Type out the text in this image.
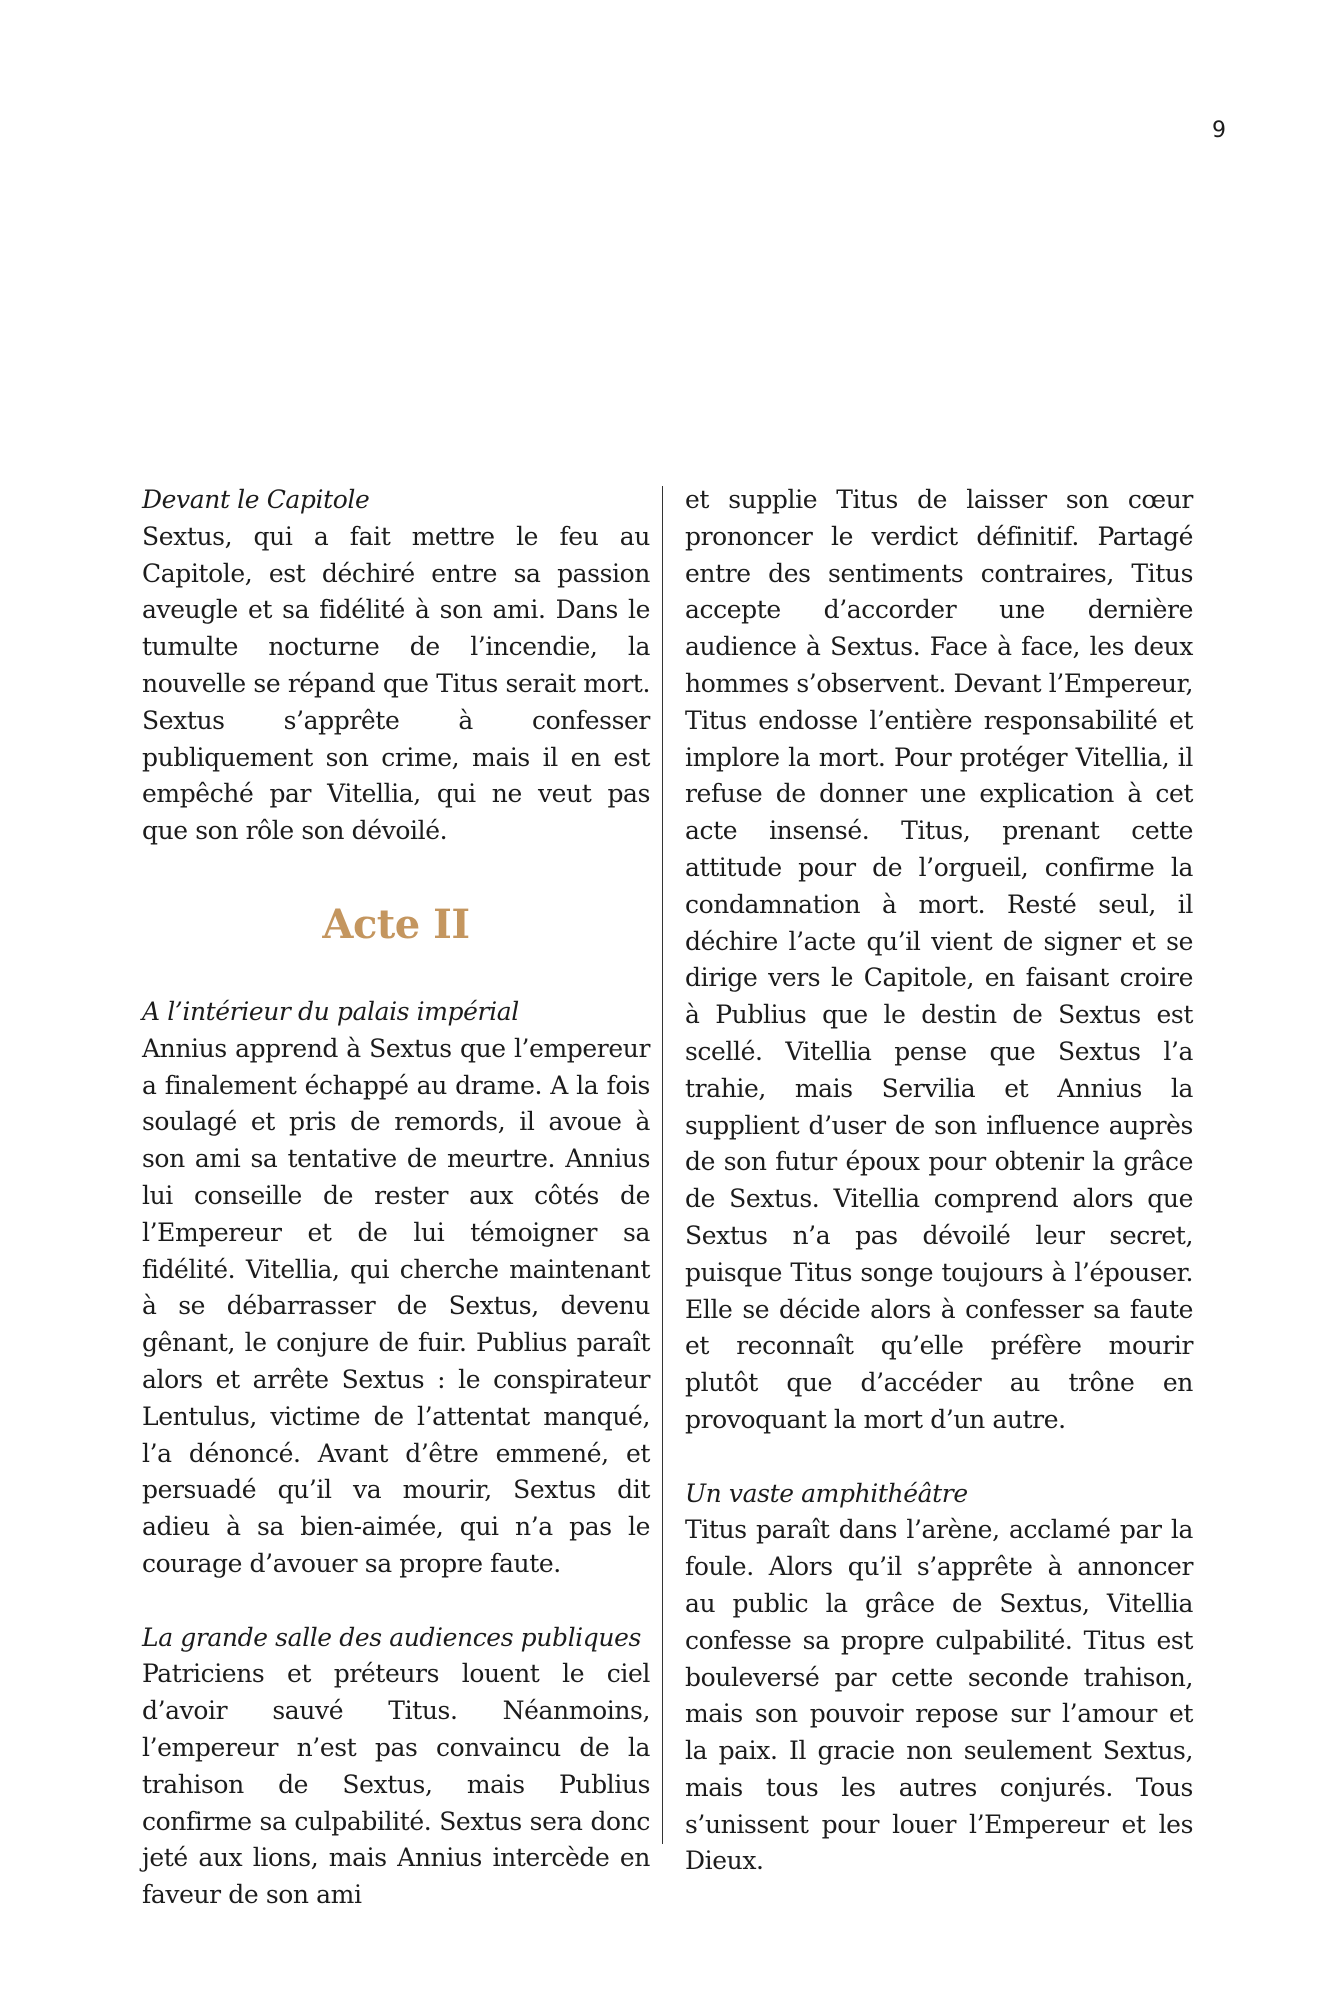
9
Devant le Capitole
Sextus, qui a fait mettre le feu au Capitole, est déchiré entre sa passion aveugle et sa fidélité à son ami. Dans le tumulte nocturne de l’incendie, la nouvelle se répand que Titus serait mort. Sextus s’apprête à confesser publiquement son crime, mais il en est empêché par Vitellia, qui ne veut pas que son rôle son dévoilé.
Acte II
A l’intérieur du palais impérial
Annius apprend à Sextus que l’empereur a finalement échappé au drame. A la fois soulagé et pris de remords, il avoue à son ami sa tentative de meurtre. Annius lui conseille de rester aux côtés de l’Empereur et de lui témoigner sa fidélité. Vitellia, qui cherche maintenant à se débarrasser de Sextus, devenu gênant, le conjure de fuir. Publius paraît alors et arrête Sextus : le conspirateur Lentulus, victime de l’attentat manqué, l’a dénoncé. Avant d’être emmené, et persuadé qu’il va mourir, Sextus dit adieu à sa bien-aimée, qui n’a pas le courage d’avouer sa propre faute.
La grande salle des audiences publiques
Patriciens et préteurs louent le ciel d’avoir sauvé Titus. Néanmoins, l’empereur n’est pas convaincu de la trahison de Sextus, mais Publius confirme sa culpabilité. Sextus sera donc jeté aux lions, mais Annius intercède en faveur de son ami
et supplie Titus de laisser son cœur prononcer le verdict définitif. Partagé entre des sentiments contraires, Titus accepte d’accorder une dernière audience à Sextus. Face à face, les deux hommes s’observent. Devant l’Empereur, Titus endosse l’entière responsabilité et implore la mort. Pour protéger Vitellia, il refuse de donner une explication à cet acte insensé. Titus, prenant cette attitude pour de l’orgueil, confirme la condamnation à mort. Resté seul, il déchire l’acte qu’il vient de signer et se dirige vers le Capitole, en faisant croire à Publius que le destin de Sextus est scellé. Vitellia pense que Sextus l’a trahie, mais Servilia et Annius la supplient d’user de son influence auprès de son futur époux pour obtenir la grâce de Sextus. Vitellia comprend alors que Sextus n’a pas dévoilé leur secret, puisque Titus songe toujours à l’épouser. Elle se décide alors à confesser sa faute et reconnaît qu’elle préfère mourir plutôt que d’accéder au trône en provoquant la mort d’un autre.
Un vaste amphithéâtre
Titus paraît dans l’arène, acclamé par la foule. Alors qu’il s’apprête à annoncer au public la grâce de Sextus, Vitellia confesse sa propre culpabilité. Titus est bouleversé par cette seconde trahison, mais son pouvoir repose sur l’amour et la paix. Il gracie non seulement Sextus, mais tous les autres conjurés. Tous s’unissent pour louer l’Empereur et les Dieux.
